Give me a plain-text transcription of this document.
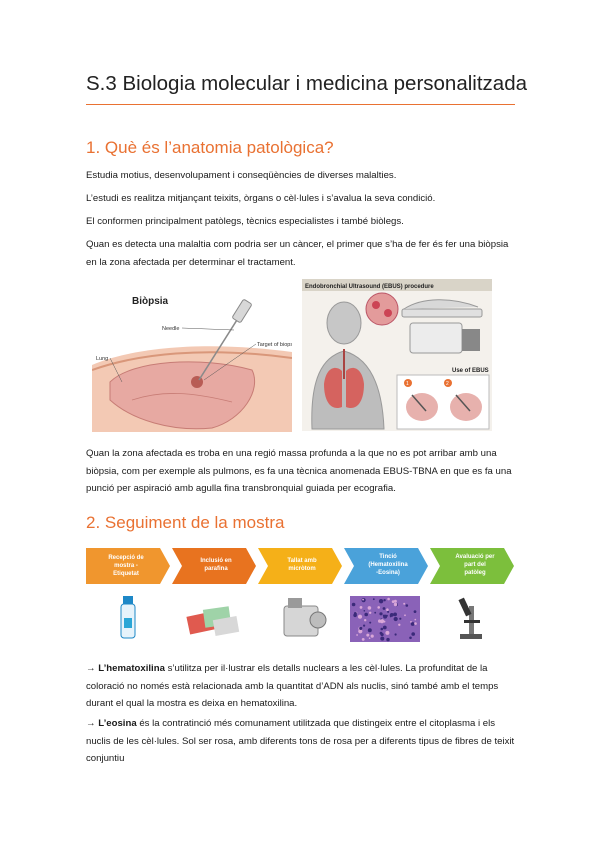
S.3 Biologia molecular i medicina personalitzada
1. Què és l’anatomia patològica?
Estudia motius, desenvolupament i conseqüències de diverses malalties.
L’estudi es realitza mitjançant teixits, òrgans o cèl·lules i s’avalua la seva condició.
El conformen principalment patòlegs, tècnics especialistes i també biòlegs.
Quan es detecta una malaltia com podria ser un càncer, el primer que s’ha de fer és fer una biòpsia en la zona afectada per determinar el tractament.
Biòpsia
Needle
Target of biopsy
Lung
Endobronchial Ultrasound (EBUS) procedure
Use of EBUS
1	2
Quan la zona afectada es troba en una regió massa profunda a la que no es pot arribar amb una biòpsia, com per exemple als pulmons, es fa una tècnica anomenada EBUS-TBNA en que es fa una punció per aspiració amb agulla fina transbronquial guiada per ecografia.
2. Seguiment de la mostra
Recepció de mostra -Etiquetat
Inclusió en parafina
Tallat amb micròtom
Tinció (Hematoxilina -Eosina)
Avaluació per part del patòleg
→ L’hematoxilina s’utilitza per il·lustrar els detalls nuclears a les cèl·lules. La profunditat de la coloració no només està relacionada amb la quantitat d’ADN als nuclis, sinó també amb el temps durant el qual la mostra es deixa en hematoxilina.
→ L’eosina és la contratinció més comunament utilitzada que distingeix entre el citoplasma i els nuclis de les cèl·lules. Sol ser rosa, amb diferents tons de rosa per a diferents tipus de fibres de teixit conjuntiu
